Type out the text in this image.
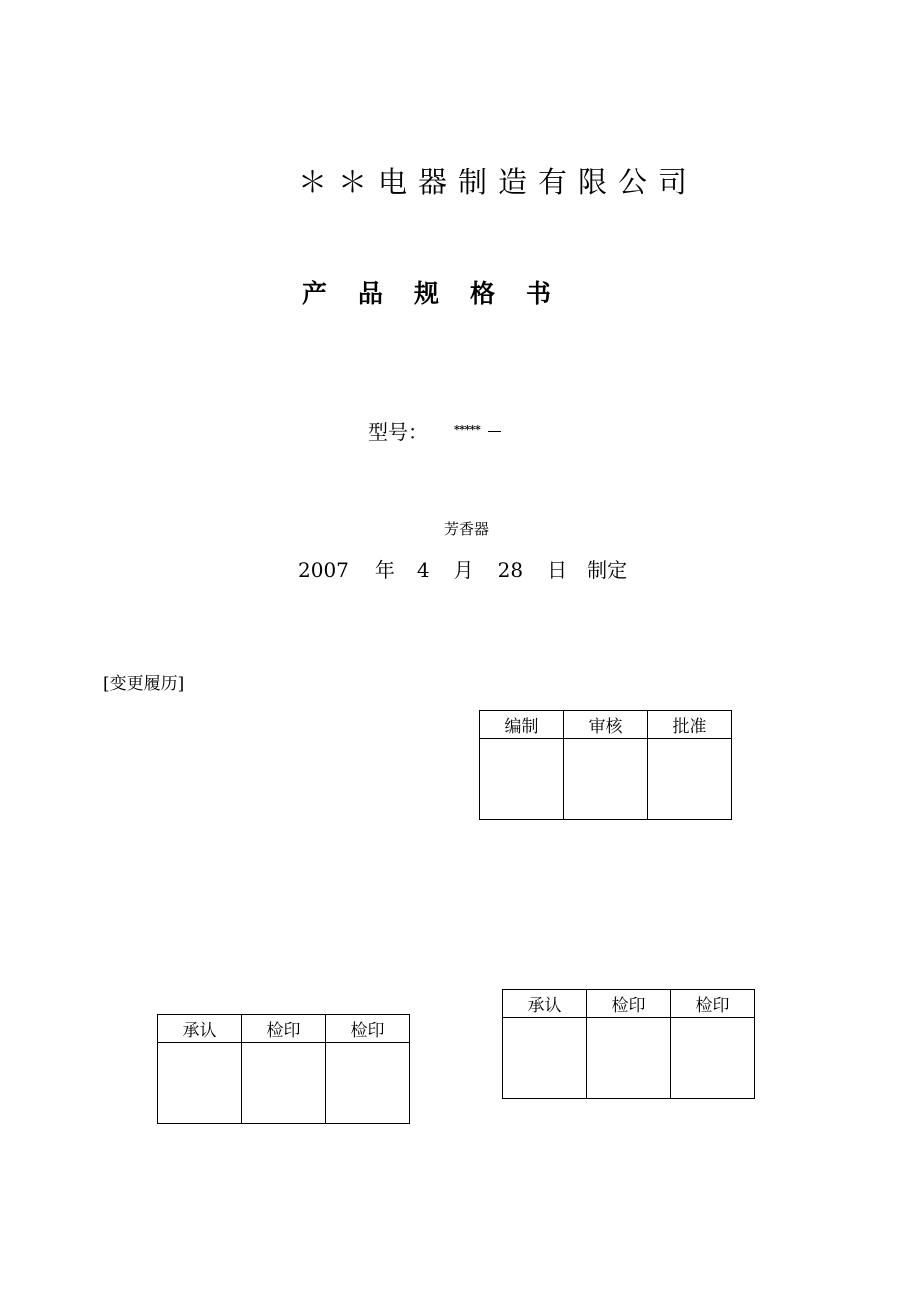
＊＊电器制造有限公司
产品规格书
型号： *****
芳香器
2007 年 4 月 28 日 制定
[变更履历]
编制	审核	批准

承认	检印	检印

承认	检印	检印
